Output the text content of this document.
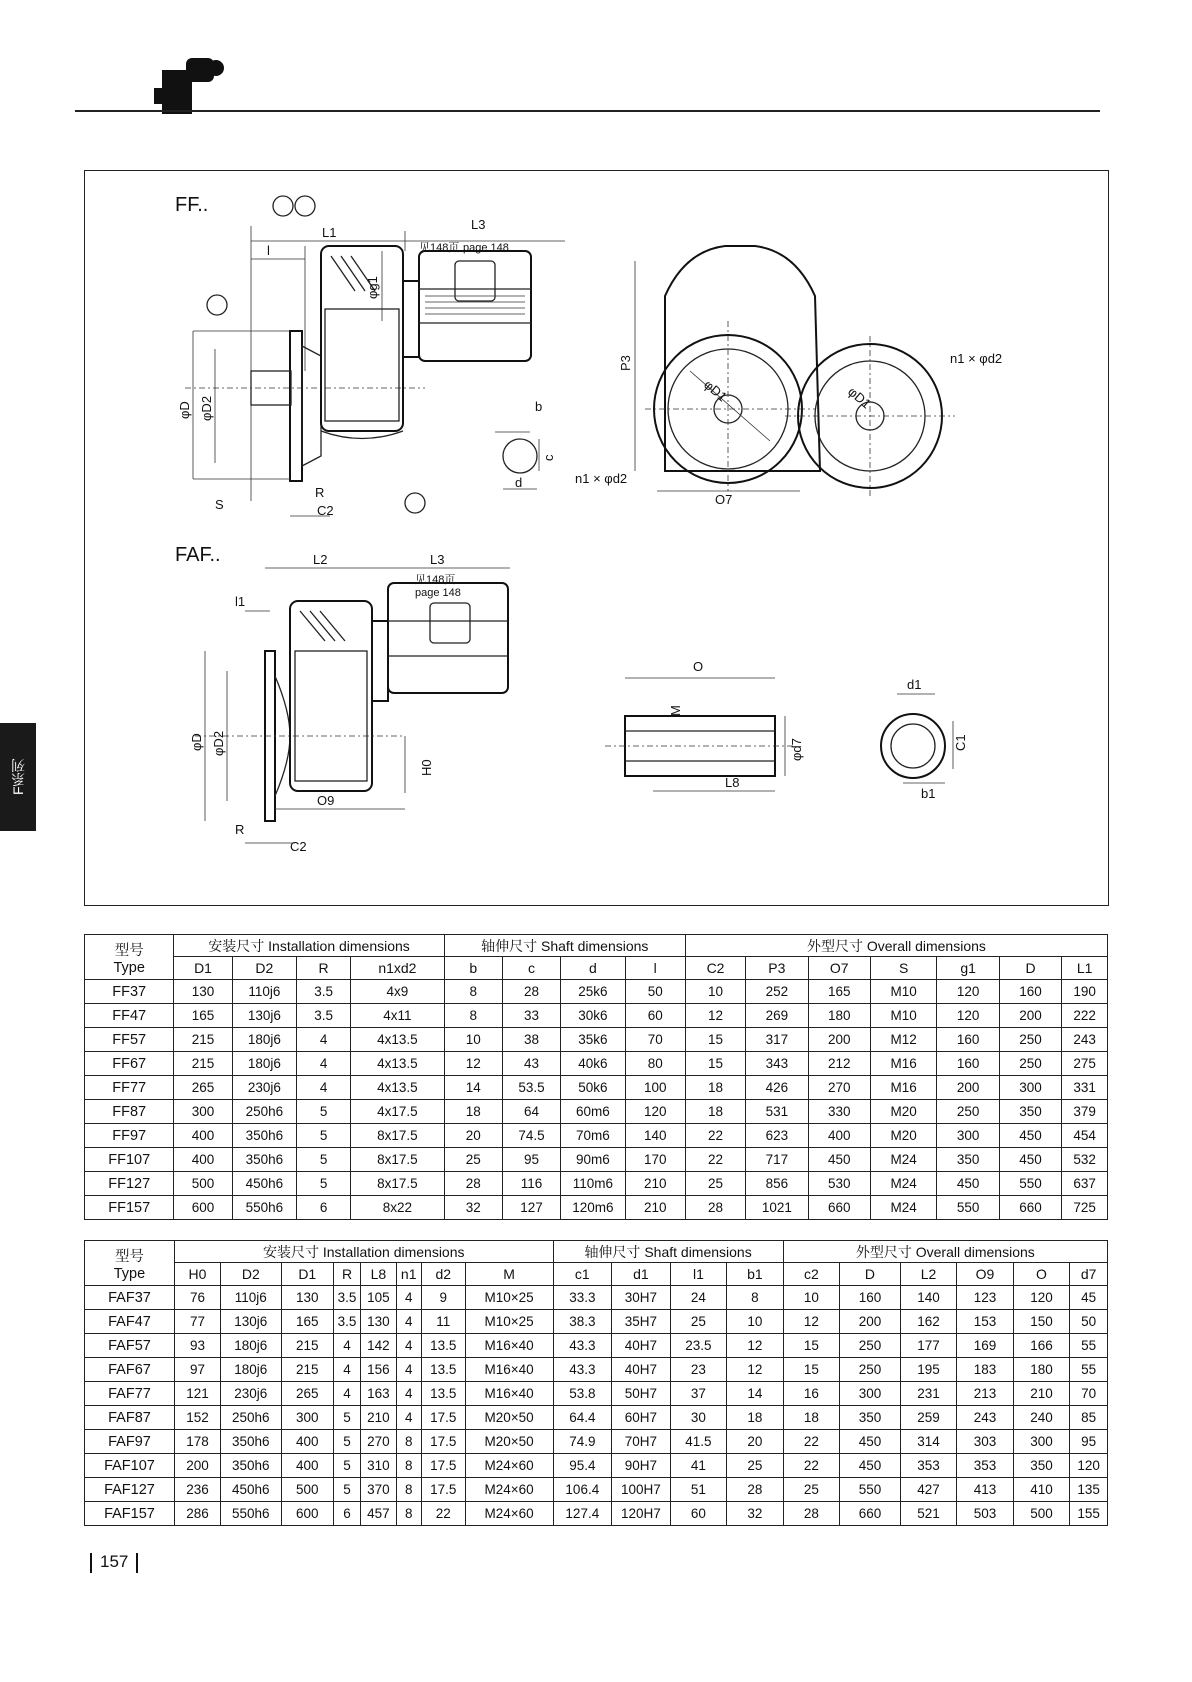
F系列
FF..
L1
L3
见148页 page 148
l
φg1
φD φD2
S
R
C2
b
c
d
φD1
P3
O7
n1 × φd2
φD1
n1 × φd2
FAF..	L2	L3
见148页
page 148
l1
φD φD2
H0
O9
R
C2
O
M
φd7
L8
d1
C1
b1
型号
Type	安装尺寸 Installation dimensions				轴伸尺寸 Shaft dimensions				外型尺寸 Overall dimensions						
	D1	D2	R	n1xd2	b	c	d	l	C2	P3	O7	S	g1	D	L1
FF37	130	110j6	3.5	4x9	8	28	25k6	50	10	252	165	M10	120	160	190
FF47	165	130j6	3.5	4x11	8	33	30k6	60	12	269	180	M10	120	200	222
FF57	215	180j6	4	4x13.5	10	38	35k6	70	15	317	200	M12	160	250	243
FF67	215	180j6	4	4x13.5	12	43	40k6	80	15	343	212	M16	160	250	275
FF77	265	230j6	4	4x13.5	14	53.5	50k6	100	18	426	270	M16	200	300	331
FF87	300	250h6	5	4x17.5	18	64	60m6	120	18	531	330	M20	250	350	379
FF97	400	350h6	5	8x17.5	20	74.5	70m6	140	22	623	400	M20	300	450	454
FF107	400	350h6	5	8x17.5	25	95	90m6	170	22	717	450	M24	350	450	532
FF127	500	450h6	5	8x17.5	28	116	110m6	210	25	856	530	M24	450	550	637
FF157	600	550h6	6	8x22	32	127	120m6	210	28	1021	660	M24	550	660	725
型号
Type	安装尺寸 Installation dimensions								轴伸尺寸 Shaft dimensions				外型尺寸 Overall dimensions					
	H0	D2	D1	R	L8	n1	d2	M	c1	d1	l1	b1	c2	D	L2	O9	O	d7
FAF37	76	110j6	130	3.5	105	4	9	M10×25	33.3	30H7	24	8	10	160	140	123	120	45
FAF47	77	130j6	165	3.5	130	4	11	M10×25	38.3	35H7	25	10	12	200	162	153	150	50
FAF57	93	180j6	215	4	142	4	13.5	M16×40	43.3	40H7	23.5	12	15	250	177	169	166	55
FAF67	97	180j6	215	4	156	4	13.5	M16×40	43.3	40H7	23	12	15	250	195	183	180	55
FAF77	121	230j6	265	4	163	4	13.5	M16×40	53.8	50H7	37	14	16	300	231	213	210	70
FAF87	152	250h6	300	5	210	4	17.5	M20×50	64.4	60H7	30	18	18	350	259	243	240	85
FAF97	178	350h6	400	5	270	8	17.5	M20×50	74.9	70H7	41.5	20	22	450	314	303	300	95
FAF107	200	350h6	400	5	310	8	17.5	M24×60	95.4	90H7	41	25	22	450	353	353	350	120
FAF127	236	450h6	500	5	370	8	17.5	M24×60	106.4	100H7	51	28	25	550	427	413	410	135
FAF157	286	550h6	600	6	457	8	22	M24×60	127.4	120H7	60	32	28	660	521	503	500	155
157
